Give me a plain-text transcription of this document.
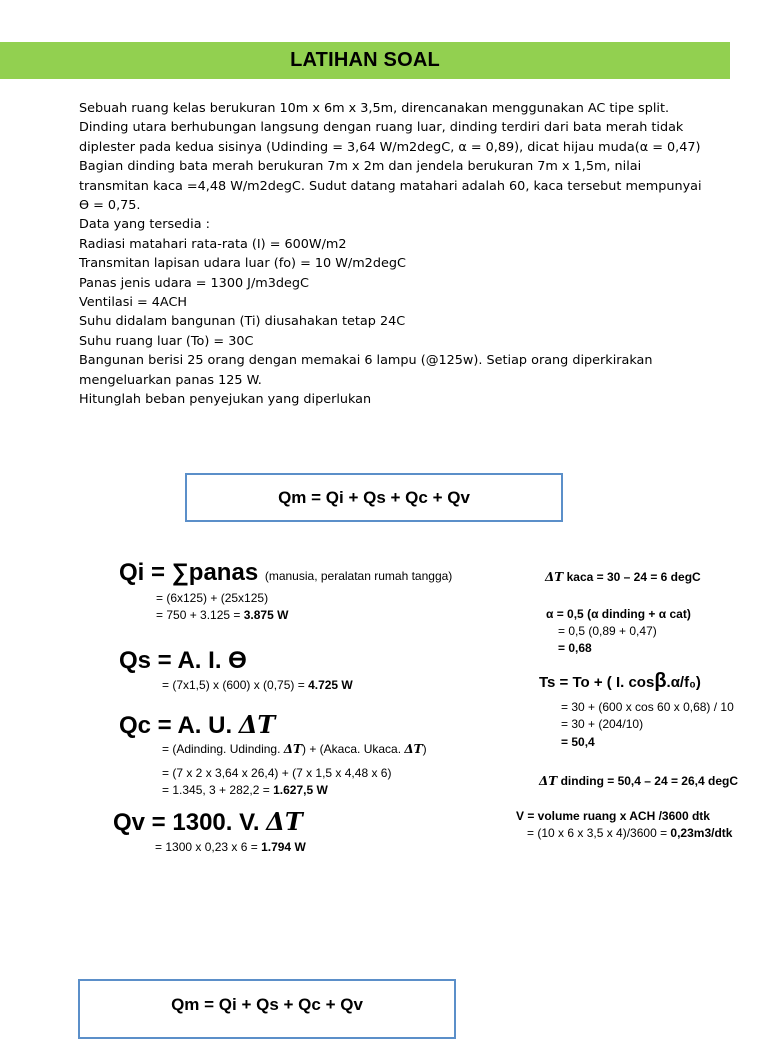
LATIHAN SOAL
Sebuah ruang kelas berukuran 10m x 6m x 3,5m, direncanakan menggunakan AC tipe split.
Dinding utara berhubungan langsung dengan ruang luar, dinding terdiri dari bata merah tidak
diplester pada kedua sisinya (Udinding = 3,64 W/m2degC, α = 0,89), dicat hijau muda(α = 0,47)
Bagian dinding bata merah berukuran 7m x 2m dan jendela berukuran 7m x 1,5m, nilai
transmitan kaca =4,48 W/m2degC. Sudut datang matahari adalah 60, kaca tersebut mempunyai
Ɵ = 0,75.
Data yang tersedia :
Radiasi matahari rata-rata (I) = 600W/m2
Transmitan lapisan udara luar (fo) = 10 W/m2degC
Panas jenis udara = 1300 J/m3degC
Ventilasi = 4ACH
Suhu didalam bangunan (Ti) diusahakan tetap 24C
Suhu ruang luar (To) = 30C
Bangunan berisi 25 orang dengan memakai 6 lampu (@125w). Setiap orang diperkirakan
mengeluarkan panas 125 W.
Hitunglah beban penyejukan yang diperlukan
Qm = Qi + Qs + Qc + Qv
Qi = ∑panas (manusia, peralatan rumah tangga)
= (6x125) + (25x125)
= 750 + 3.125 = 3.875 W
Qs = A. I. Ɵ
= (7x1,5) x (600) x (0,75) = 4.725 W
Qc = A. U. ΔT
= (Adinding. Udinding. ΔT) + (Akaca. Ukaca. ΔT)
= (7 x 2 x 3,64 x 26,4) + (7 x 1,5 x 4,48 x 6)
= 1.345, 3 + 282,2 = 1.627,5 W
Qv = 1300. V. ΔT
= 1300 x 0,23 x 6 = 1.794 W
ΔT kaca = 30 – 24 = 6 degC
α = 0,5 (α dinding + α cat)
= 0,5 (0,89 + 0,47)
= 0,68
Ts = To + ( I. cosβ.α/f₀)
= 30 + (600 x cos 60 x 0,68) / 10
= 30 + (204/10)
= 50,4
ΔT dinding = 50,4 – 24 = 26,4 degC
V = volume ruang x ACH /3600 dtk
= (10 x 6 x 3,5 x 4)/3600 = 0,23m3/dtk
Qm = Qi + Qs + Qc + Qv
